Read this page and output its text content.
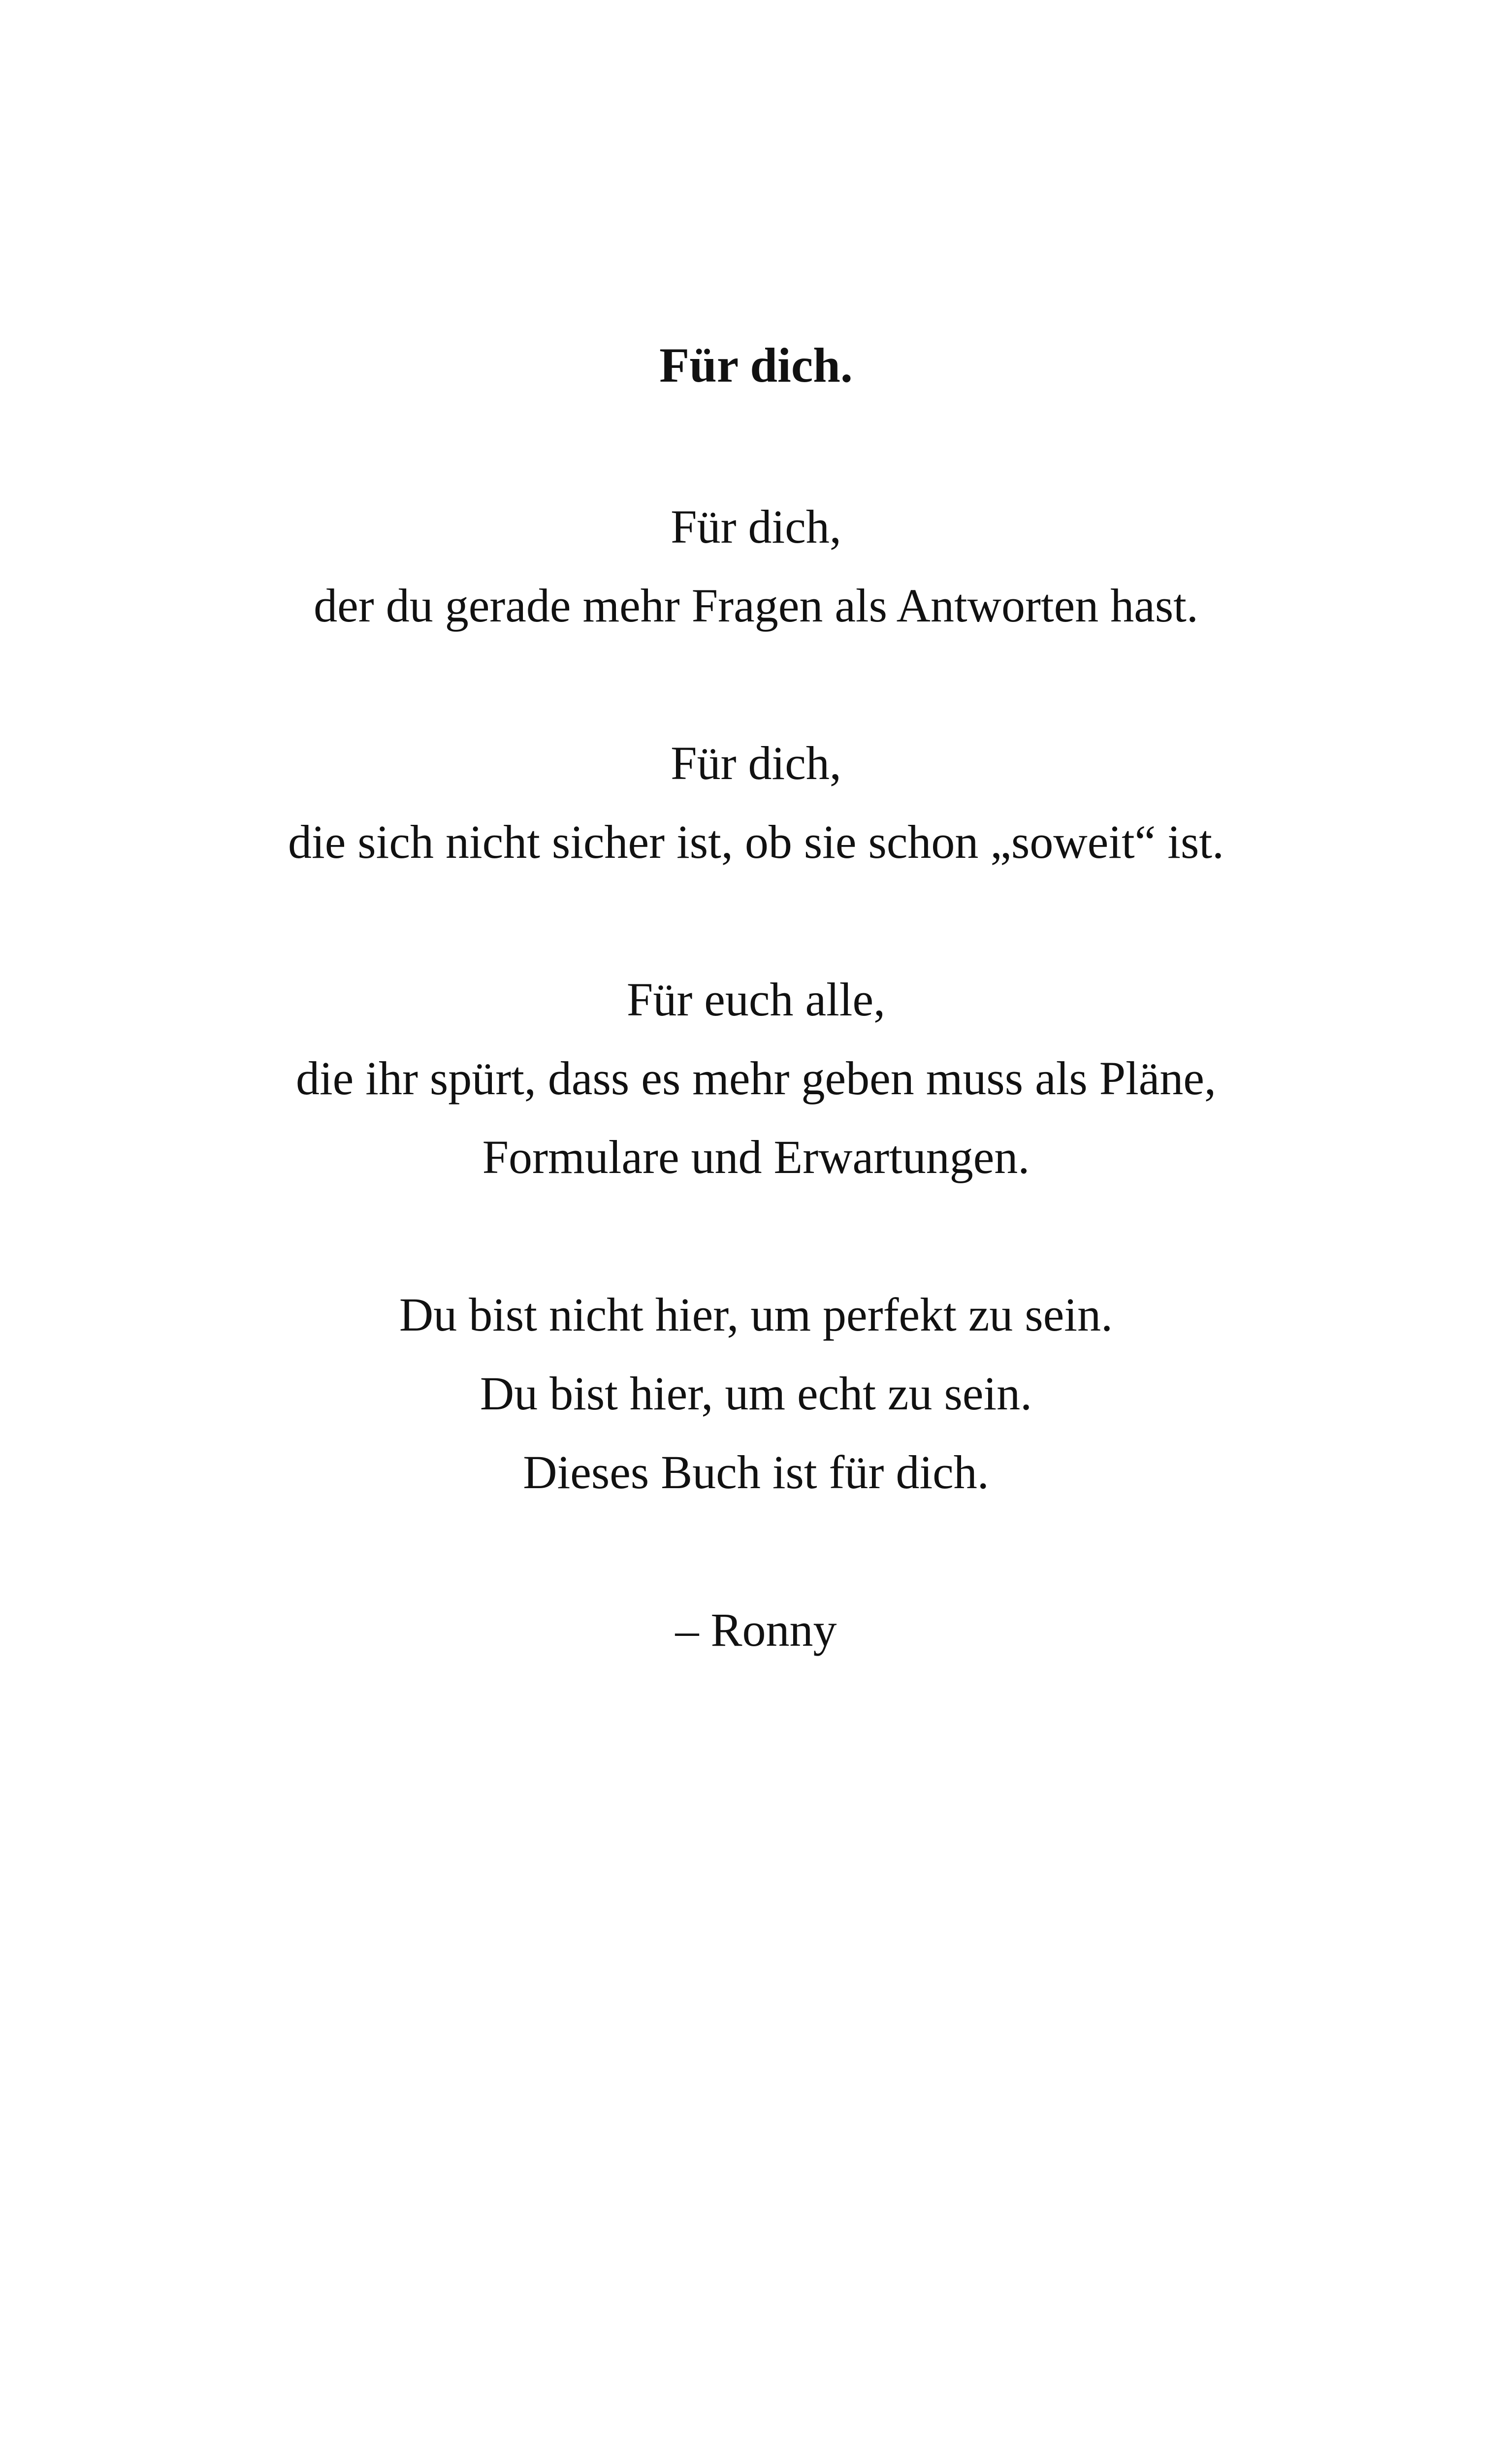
Für dich.
Für dich,
der du gerade mehr Fragen als Antworten hast.
Für dich,
die sich nicht sicher ist, ob sie schon „soweit“ ist.
Für euch alle,
die ihr spürt, dass es mehr geben muss als Pläne,
Formulare und Erwartungen.
Du bist nicht hier, um perfekt zu sein.
Du bist hier, um echt zu sein.
Dieses Buch ist für dich.
– Ronny
